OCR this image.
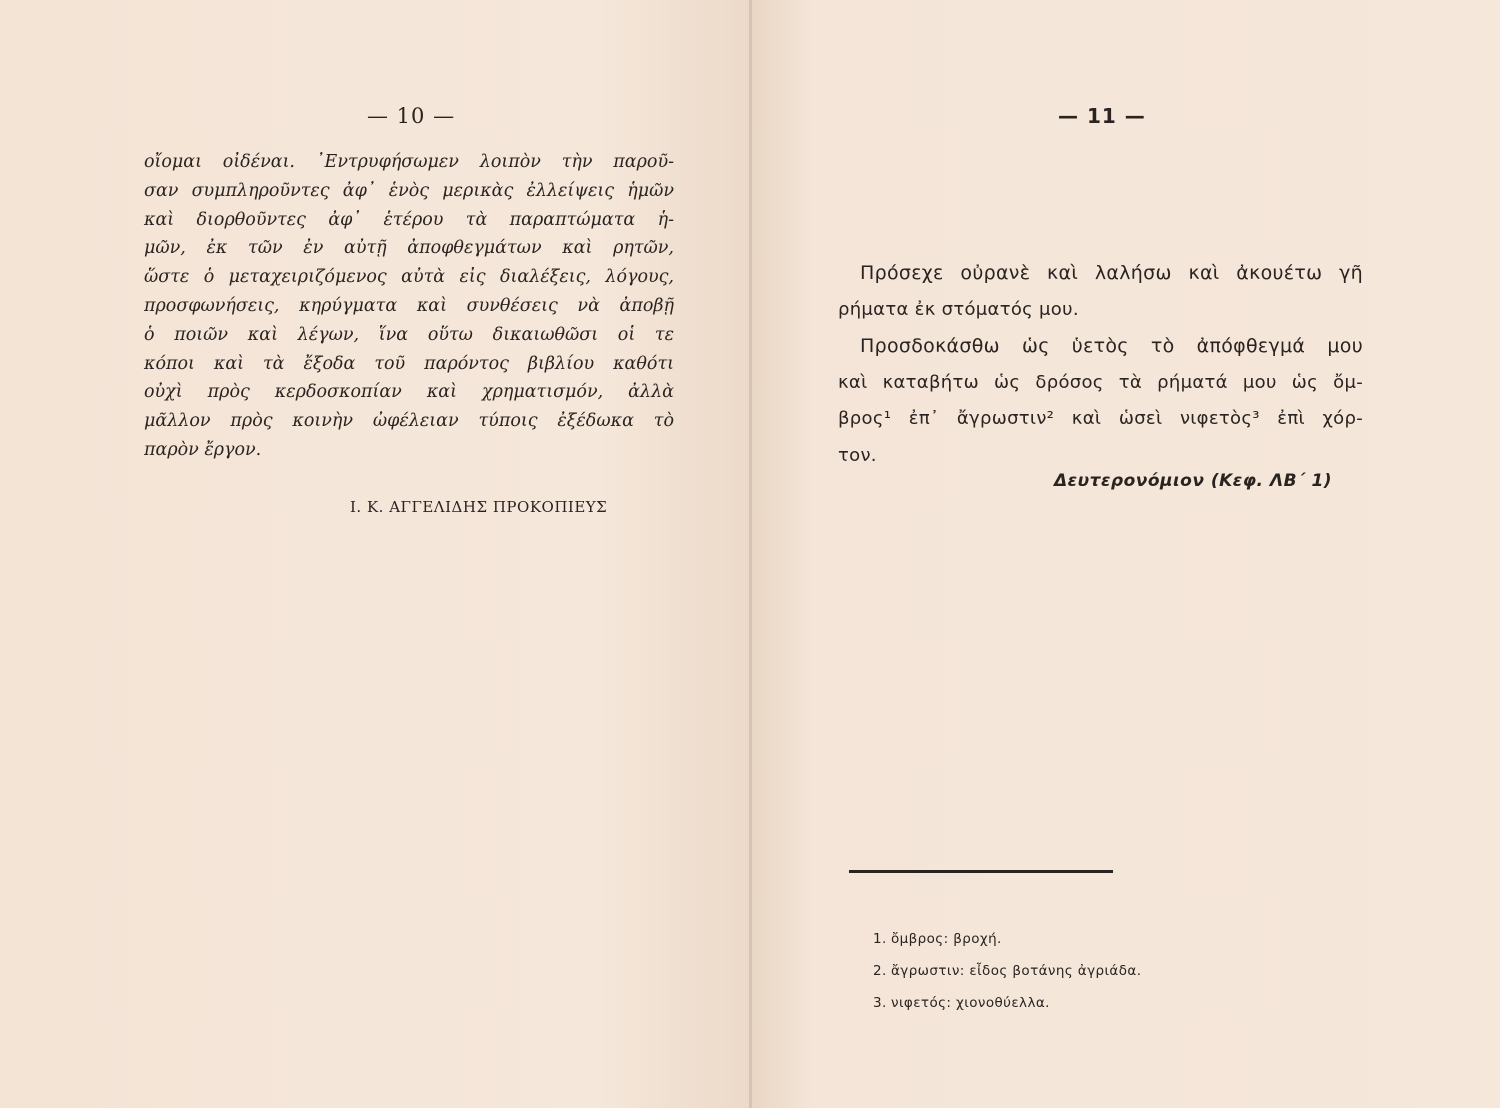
— 10 —
οἴομαι οἰδέναι. ᾿Εντρυφήσωμεν λοιπὸν τὴν παροῦ-
σαν συμπληροῦντες ἀφ᾿ ἑνὸς μερικὰς ἐλλείψεις ἡμῶν
καὶ διορθοῦντες ἀφ᾿ ἑτέρου τὰ παραπτώματα ἡ-
μῶν, ἐκ τῶν ἐν αὐτῇ ἀποφθεγμάτων καὶ ρητῶν,
ὥστε ὁ μεταχειριζόμενος αὐτὰ εἰς διαλέξεις, λόγους,
προσφωνήσεις, κηρύγματα καὶ συνθέσεις νὰ ἀποβῇ
ὁ ποιῶν καὶ λέγων, ἵνα οὕτω δικαιωθῶσι οἱ τε
κόποι καὶ τὰ ἔξοδα τοῦ παρόντος βιβλίου καθότι
οὐχὶ πρὸς κερδοσκοπίαν καὶ χρηματισμόν, ἀλλὰ
μᾶλλον πρὸς κοινὴν ὠφέλειαν τύποις ἐξέδωκα τὸ
παρὸν ἔργον.
Ι. Κ. ΑΓΓΕΛΙΔΗΣ ΠΡΟΚΟΠΙΕΥΣ
— 11 —
Πρόσεχε οὐρανὲ καὶ λαλήσω καὶ ἀκουέτω γῆ
ρήματα ἐκ στόματός μου.
Προσδοκάσθω ὡς ὑετὸς τὸ ἀπόφθεγμά μου
καὶ καταβήτω ὡς δρόσος τὰ ρήματά μου ὡς ὄμ-
βρος¹ ἐπ᾿ ἄγρωστιν² καὶ ὡσεὶ νιφετὸς³ ἐπὶ χόρ-
τον.
Δευτερονόμιον (Κεφ. ΛΒ΄ 1)
1. ὄμβρος: βροχή.
2. ἄγρωστιν: εἶδος βοτάνης ἀγριάδα.
3. νιφετός: χιονοθύελλα.
